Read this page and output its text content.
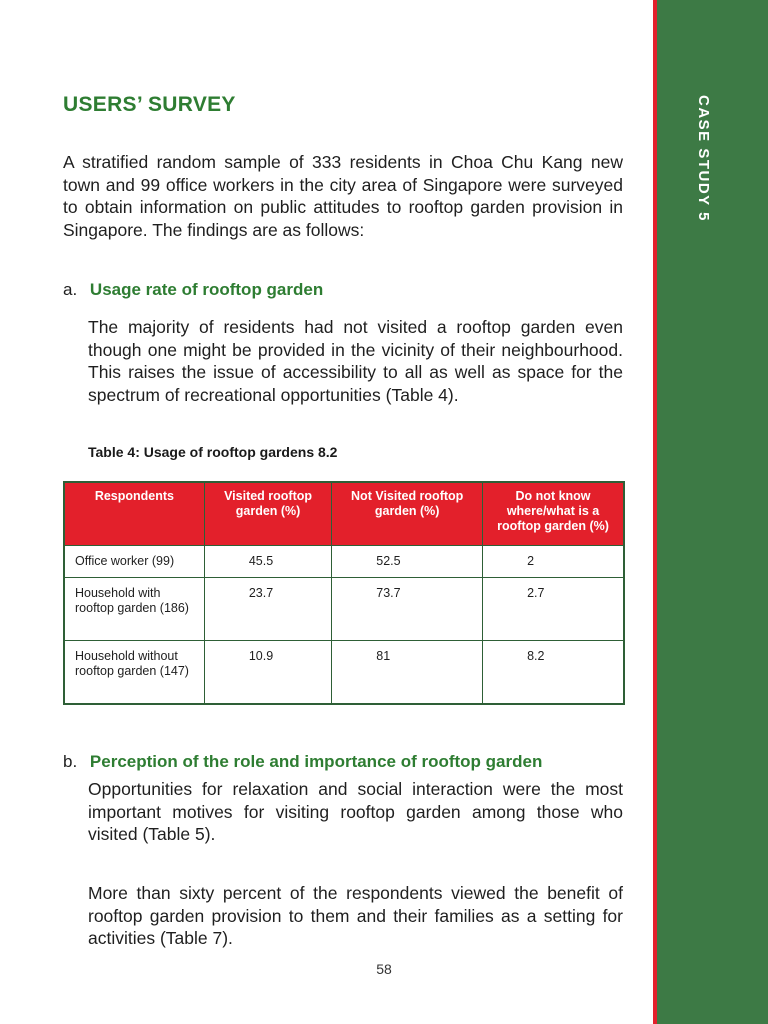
CASE STUDY 5
USERS’ SURVEY

A stratified random sample of 333 residents in Choa Chu Kang new town and 99 office workers in the city area of Singapore were surveyed to obtain information on public attitudes to rooftop garden provision in Singapore. The findings are as follows:

a. Usage rate of rooftop garden

The majority of residents had not visited a rooftop garden even though one might be provided in the vicinity of their neighbourhood. This raises the issue of accessibility to all as well as space for the spectrum of recreational opportunities (Table 4).

Table 4: Usage of rooftop gardens 8.2

Respondents	Visited rooftop garden (%)	Not Visited rooftop garden (%)	Do not know where/what is a rooftop garden (%)
Office worker (99)	45.5	52.5	2
Household with rooftop garden (186)	23.7	73.7	2.7
Household without rooftop garden (147)	10.9	81	8.2

b. Perception of the role and importance of rooftop garden

Opportunities for relaxation and social interaction were the most important motives for visiting rooftop garden among those who visited (Table 5).

More than sixty percent of the respondents viewed the benefit of rooftop garden provision to them and their families as a setting for activities (Table 7).

58
